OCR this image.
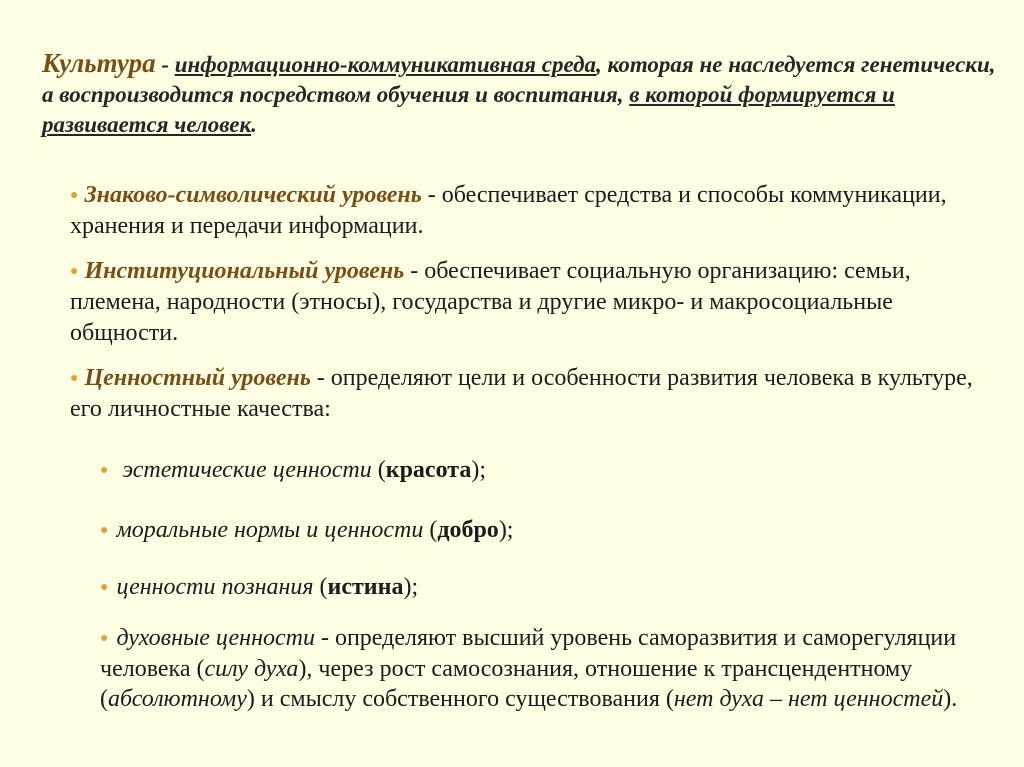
Культура - информационно-коммуникативная среда, которая не наследуется генетически, а воспроизводится посредством обучения и воспитания, в которой формируется и развивается человек.
● Знаково-символический уровень - обеспечивает средства и способы коммуникации, хранения и передачи информации.
● Институциональный уровень - обеспечивает социальную организацию: семьи, племена, народности (этносы), государства и другие микро- и макросоциальные общности.
● Ценностный уровень - определяют цели и особенности развития человека в культуре, его личностные качества:
● эстетические ценности (красота);
● моральные нормы и ценности (добро);
● ценности познания (истина);
● духовные ценности - определяют высший уровень саморазвития и саморегуляции человека (силу духа), через рост самосознания, отношение к трансцендентному (абсолютному) и смыслу собственного существования (нет духа – нет ценностей).
